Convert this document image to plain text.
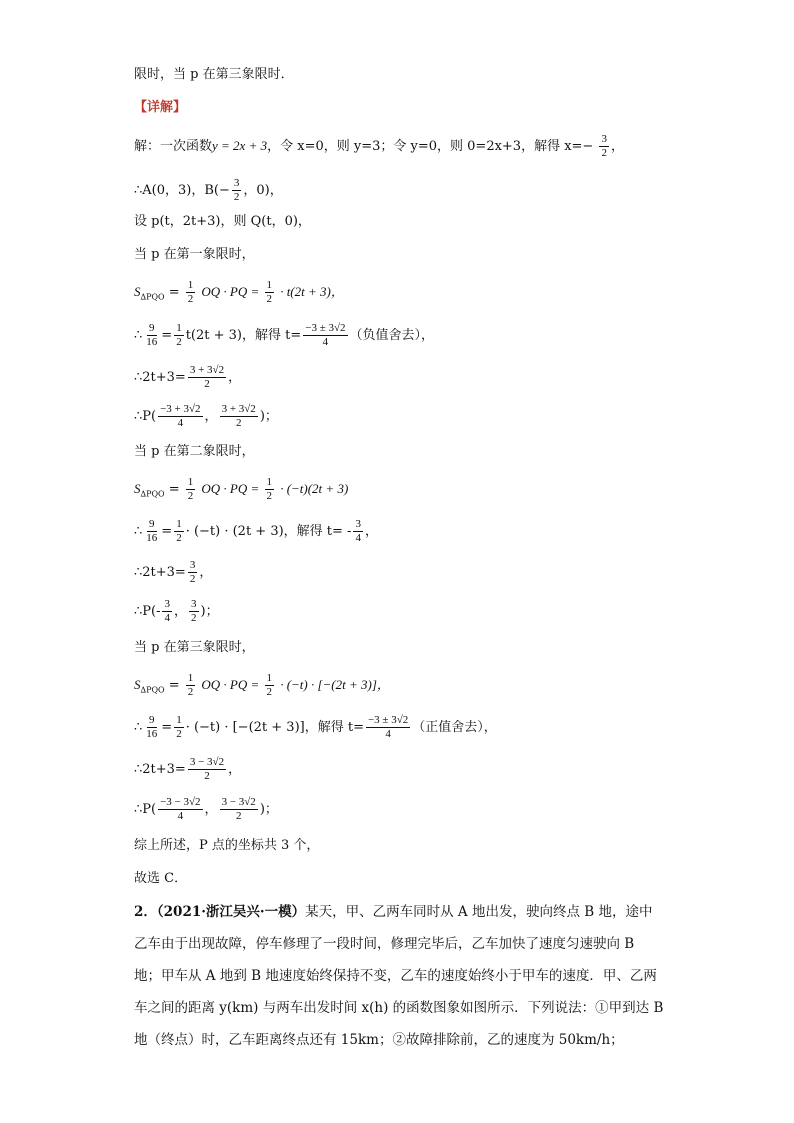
限时，当 p 在第三象限时．
【详解】
解：一次函数y = 2x + 3，令 x=0，则 y=3；令 y=0，则 0=2x+3，解得 $x=- \frac{3}{2}$ ，
∴A(0，3)，$B(- \frac{3}{2}$ ，0)，
设 p(t，2t+3)，则 Q(t，0)，
当 p 在第一象限时，
$S_{\Delta PQO} = \frac{1}{2}$ OQ · PQ = $\frac{1}{2} \cdot t(2t + 3)$，
∴ $\frac{9}{16} = \frac{1}{2} t(2t + 3)$，解得 $t= \frac{-3 \pm 3√2}{4}$ （负值舍去），
∴2t+3= $\frac{3 + 3√2}{2}$ ，
∴P( $\frac{-3 + 3√2}{4}$ ， $\frac{3 + 3√2}{2}$ )；
当 p 在第二象限时，
$S_{\Delta PQO} = \frac{1}{2}$ OQ · PQ = $\frac{1}{2} \cdot (-t)(2t + 3)$
∴ $\frac{9}{16} = \frac{1}{2} \cdot (-t) \cdot (2t + 3)$，解得 $t= - \frac{3}{4}$ ，
∴2t+3= $\frac{3}{2}$ ，
∴P(- $\frac{3}{4}$ ， $\frac{3}{2}$ )；
当 p 在第三象限时，
$S_{\Delta PQO} = \frac{1}{2}$ OQ · PQ = $\frac{1}{2} \cdot (-t) \cdot [-(2t + 3)]$，
∴ $\frac{9}{16} = \frac{1}{2} \cdot (-t) \cdot [-(2t + 3)]$，解得 $t= \frac{-3 \pm 3√2}{4}$ （正值舍去），
∴2t+3= $\frac{3 - 3√2}{2}$ ，
∴P( $\frac{-3 - 3√2}{4}$ ， $\frac{3 - 3√2}{2}$ )；
综上所述，P 点的坐标共 3 个，
故选 C．
2．（2021·浙江吴兴·一模）某天，甲、乙两车同时从 A 地出发，驶向终点 B 地，途中乙车由于出现故障，停车修理了一段时间，修理完毕后，乙车加快了速度匀速驶向 B 地；甲车从 A 地到 B 地速度始终保持不变，乙车的速度始终小于甲车的速度．甲、乙两车之间的距离 y(km) 与两车出发时间 x(h) 的函数图象如图所示．下列说法：①甲到达 B 地（终点）时，乙车距离终点还有 15km；②故障排除前，乙的速度为 50km/h；
